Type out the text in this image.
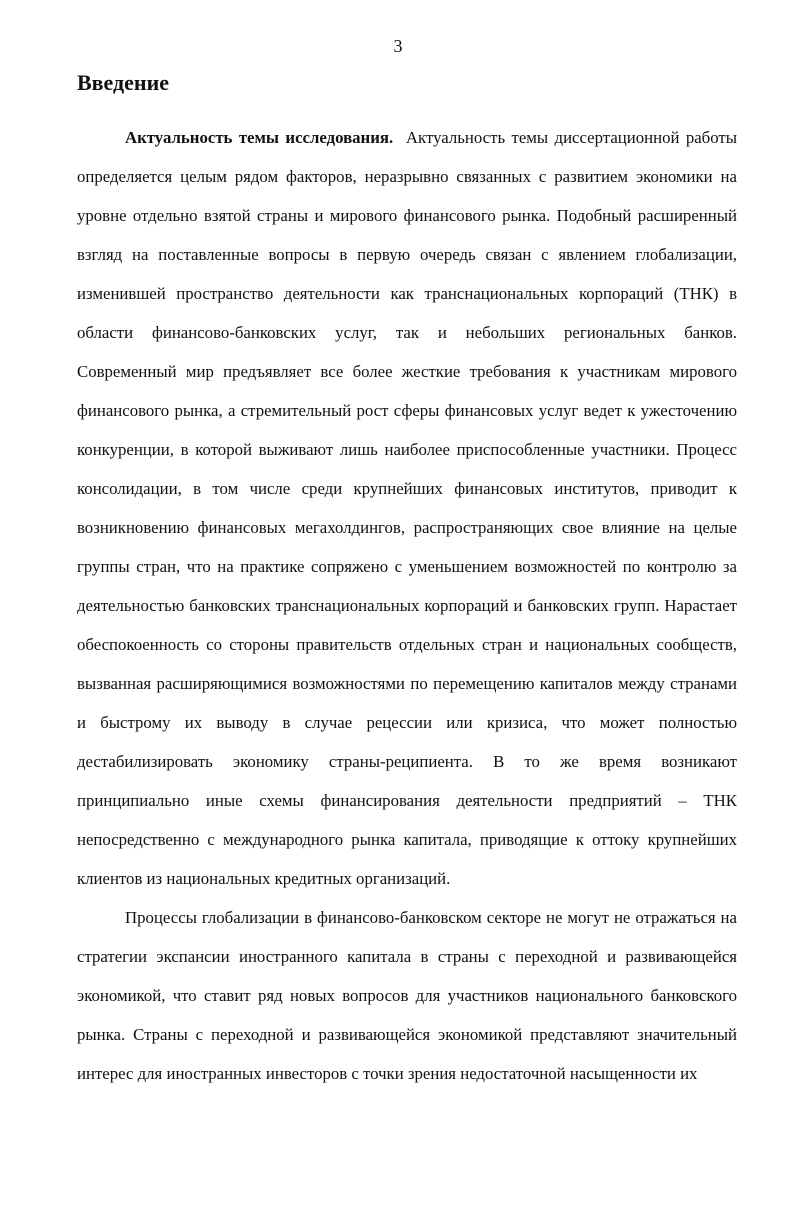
3
Введение

Актуальность темы исследования. Актуальность темы диссертационной работы определяется целым рядом факторов, неразрывно связанных с развитием экономики на уровне отдельно взятой страны и мирового финансового рынка. Подобный расширенный взгляд на поставленные вопросы в первую очередь связан с явлением глобализации, изменившей пространство деятельности как транснациональных корпораций (ТНК) в области финансово-банковских услуг, так и небольших региональных банков. Современный мир предъявляет все более жесткие требования к участникам мирового финансового рынка, а стремительный рост сферы финансовых услуг ведет к ужесточению конкуренции, в которой выживают лишь наиболее приспособленные участники. Процесс консолидации, в том числе среди крупнейших финансовых институтов, приводит к возникновению финансовых мегахолдингов, распространяющих свое влияние на целые группы стран, что на практике сопряжено с уменьшением возможностей по контролю за деятельностью банковских транснациональных корпораций и банковских групп. Нарастает обеспокоенность со стороны правительств отдельных стран и национальных сообществ, вызванная расширяющимися возможностями по перемещению капиталов между странами и быстрому их выводу в случае рецессии или кризиса, что может полностью дестабилизировать экономику страны-реципиента. В то же время возникают принципиально иные схемы финансирования деятельности предприятий – ТНК непосредственно с международного рынка капитала, приводящие к оттоку крупнейших клиентов из национальных кредитных организаций.

Процессы глобализации в финансово-банковском секторе не могут не отражаться на стратегии экспансии иностранного капитала в страны с переходной и развивающейся экономикой, что ставит ряд новых вопросов для участников национального банковского рынка. Страны с переходной и развивающейся экономикой представляют значительный интерес для иностранных инвесторов с точки зрения недостаточной насыщенности их
